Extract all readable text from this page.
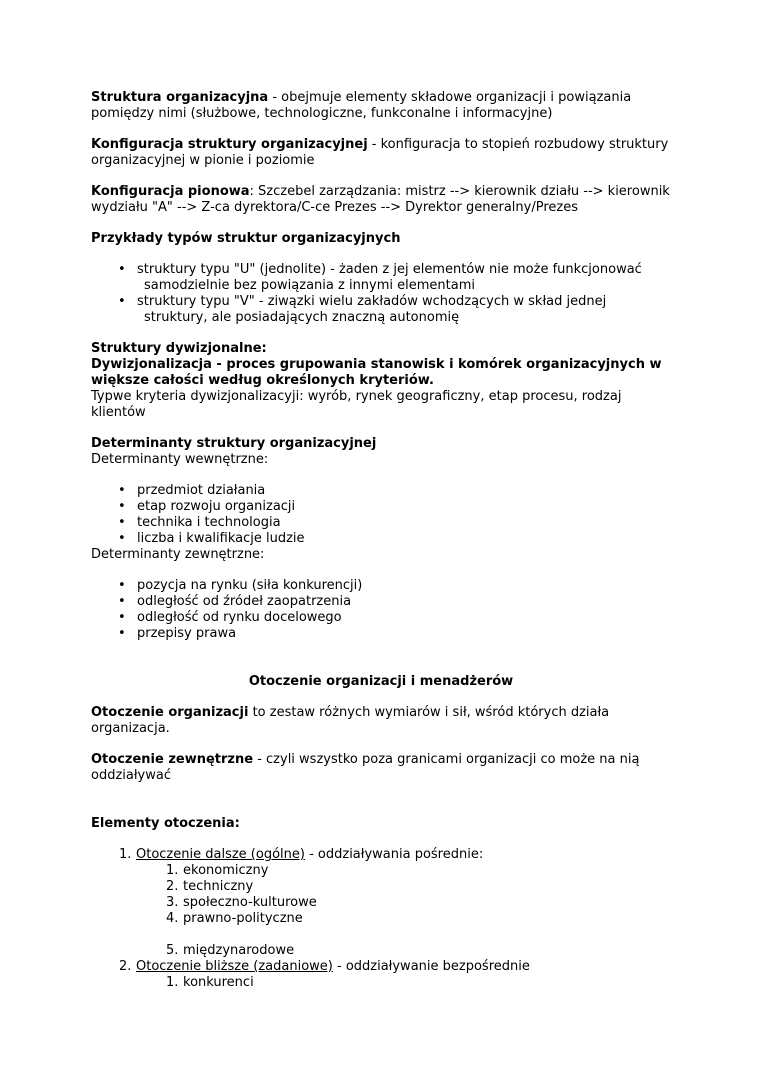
Struktura organizacyjna - obejmuje elementy składowe organizacji i powiązania pomiędzy nimi (służbowe, technologiczne, funkconalne i informacyjne)

Konfiguracja struktury organizacyjnej - konfiguracja to stopień rozbudowy struktury organizacyjnej w pionie i poziomie

Konfiguracja pionowa: Szczebel zarządzania: mistrz --> kierownik działu --> kierownik wydziału "A" --> Z-ca dyrektora/C-ce Prezes --> Dyrektor generalny/Prezes

Przykłady typów struktur organizacyjnych

• struktury typu "U" (jednolite) - żaden z jej elementów nie może funkcjonować
samodzielnie bez powiązania z innymi elementami
• struktury typu "V" - ziwązki wielu zakładów wchodzących w skład jednej
struktury, ale posiadających znaczną autonomię

Struktury dywizjonalne:

Dywizjonalizacja - proces grupowania stanowisk i komórek organizacyjnych w większe całości według określonych kryteriów.

Typwe kryteria dywizjonalizacyji: wyrób, rynek geograficzny, etap procesu, rodzaj klientów

Determinanty struktury organizacyjnej

Determinanty wewnętrzne:

• przedmiot działania
• etap rozwoju organizacji
• technika i technologia
• liczba i kwalifikacje ludzie

Determinanty zewnętrzne:

• pozycja na rynku (siła konkurencji)
• odległość od źródeł zaopatrzenia
• odległość od rynku docelowego
• przepisy prawa

Otoczenie organizacji i menadżerów

Otoczenie organizacji to zestaw różnych wymiarów i sił, wśród których działa organizacja.

Otoczenie zewnętrzne - czyli wszystko poza granicami organizacji co może na nią oddziaływać

Elementy otoczenia:

1. Otoczenie dalsze (ogólne) - oddziaływania pośrednie:
1. ekonomiczny
2. techniczny
3. społeczno-kulturowe
4. prawno-polityczne
5. międzynarodowe
2. Otoczenie bliższe (zadaniowe) - oddziaływanie bezpośrednie
1. konkurenci
